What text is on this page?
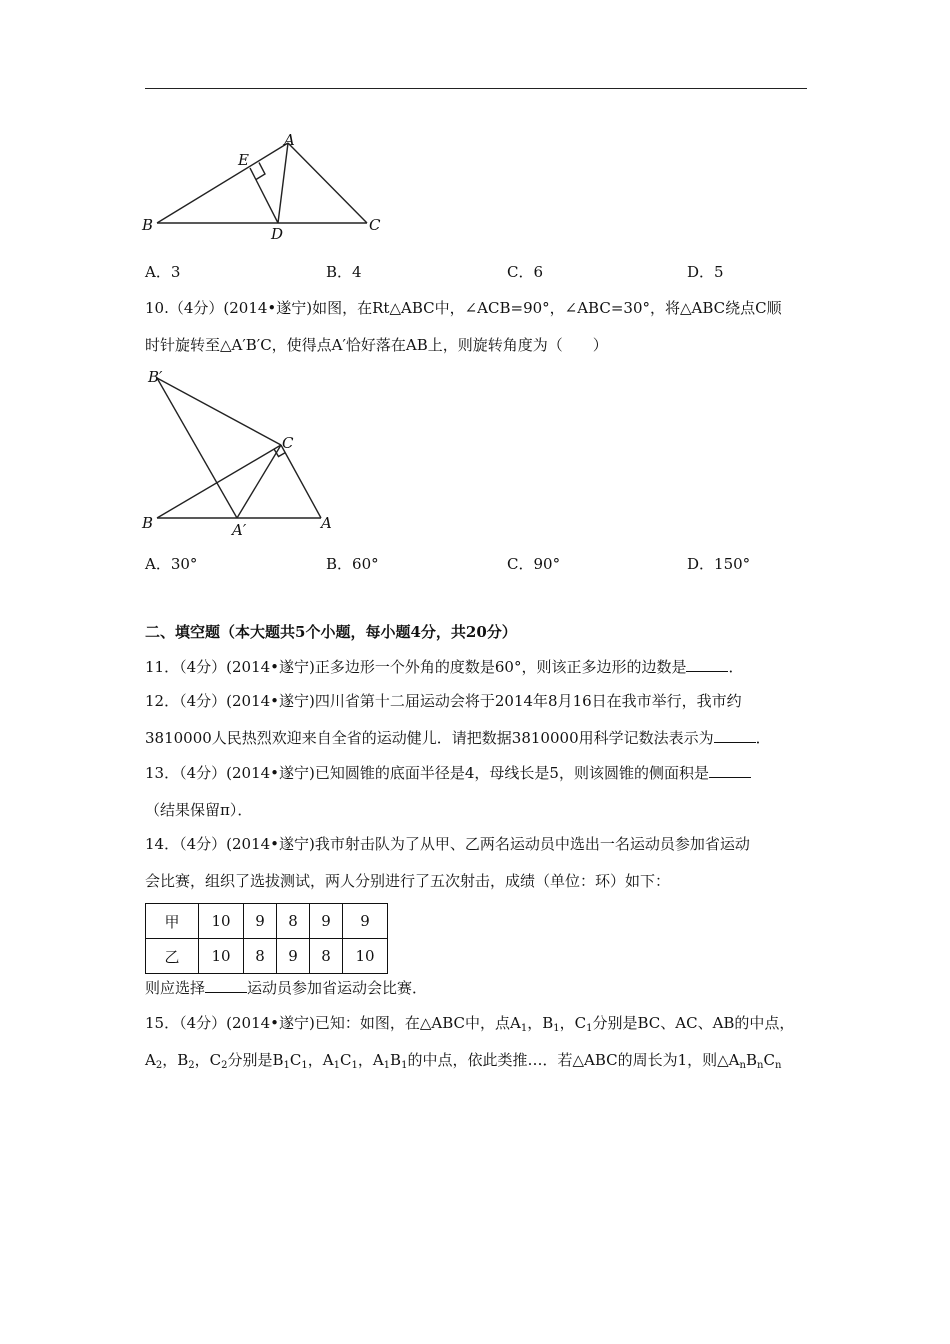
A
B	C
D
E
A．3	B．4	C．6	D．5
10.（4分）(2014•遂宁)如图，在Rt△ABC中，∠ACB=90°，∠ABC=30°，将△ABC绕点C顺
时针旋转至△A′B′C，使得点A′恰好落在AB上，则旋转角度为（　　）
B′
C
B	A′	A
A．30°	B．60°	C．90°	D．150°
二、填空题（本大题共5个小题，每小题4分，共20分）
11．（4分）(2014•遂宁)正多边形一个外角的度数是60°，则该正多边形的边数是	．
12．（4分）(2014•遂宁)四川省第十二届运动会将于2014年8月16日在我市举行，我市约
3810000人民热烈欢迎来自全省的运动健儿．请把数据3810000用科学记数法表示为	．
13．（4分）(2014•遂宁)已知圆锥的底面半径是4，母线长是5，则该圆锥的侧面积是
（结果保留π）．
14．（4分）(2014•遂宁)我市射击队为了从甲、乙两名运动员中选出一名运动员参加省运动
会比赛，组织了选拔测试，两人分别进行了五次射击，成绩（单位：环）如下：
甲	10	9	8	9	9
乙	10	8	9	8	10
则应选择	运动员参加省运动会比赛．
15．（4分）(2014•遂宁)已知：如图，在△ABC中，点$A_1$，$B_1$，$C_1$分别是BC、AC、AB的中点，
$A_2$，$B_2$，$C_2$分别是$B_1C_1$，$A_1C_1$，$A_1B_1$的中点，依此类推…．若△ABC的周长为1，则$\triangle A_nB_nC_n$
